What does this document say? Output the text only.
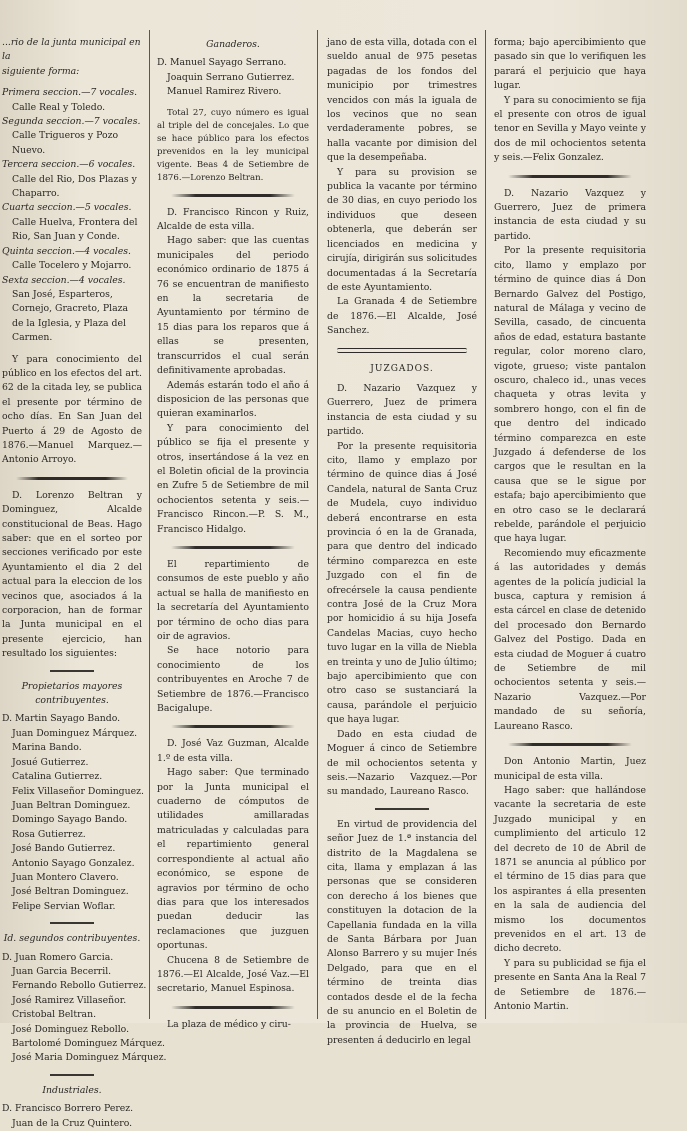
...rio de la junta municipal en la

siguiente forma:

Primera seccion.—7 vocales.

Calle Real y Toledo.

Segunda seccion.—7 vocales.

Calle Trigueros y Pozo Nuevo.

Tercera seccion.—6 vocales.

Calle del Rio, Dos Plazas y Chaparro.

Cuarta seccion.—5 vocales.

Calle Huelva, Frontera del Rio, San Juan y Conde.

Quinta seccion.—4 vocales.

Calle Tocelero y Mojarro.

Sexta seccion.—4 vocales.

San José, Esparteros, Cornejo, Gracreto, Plaza de la Iglesia, y Plaza del Carmen.

Y para conocimiento del público en los efectos del art. 62 de la citada ley, se publica el presente por término de ocho días. En San Juan del Puerto á 29 de Agosto de 1876.—Manuel Marquez.—Antonio Arroyo.

D. Lorenzo Beltran y Dominguez, Alcalde constitucional de Beas. Hago saber: que en el sorteo por secciones verificado por este Ayuntamiento el dia 2 del actual para la eleccion de los vecinos que, asociados á la corporacion, han de formar la Junta municipal en el presente ejercicio, han resultado los siguientes:

Propietarios mayores contribuyentes.

D. Martin Sayago Bando.

Juan Dominguez Márquez.

Marina Bando.

Josué Gutierrez.

Catalina Gutierrez.

Felix Villaseñor Dominguez.

Juan Beltran Dominguez.

Domingo Sayago Bando.

Rosa Gutierrez.

José Bando Gutierrez.

Antonio Sayago Gonzalez.

Juan Montero Clavero.

José Beltran Dominguez.

Felipe Servian Woflar.

Id. segundos contribuyentes.

D. Juan Romero Garcia.

Juan Garcia Becerril.

Fernando Rebollo Gutierrez.

José Ramirez Villaseñor.

Cristobal Beltran.

José Dominguez Rebollo.

Bartolomé Dominguez Márquez.

José Maria Dominguez Márquez.

Industriales.

D. Francisco Borrero Perez.

Juan de la Cruz Quintero.

Ganaderos.

D. Manuel Sayago Serrano.

Joaquin Serrano Gutierrez.

Manuel Ramirez Rivero.

Total 27, cuyo número es igual al triple del de concejales. Lo que se hace público para los efectos prevenidos en la ley municipal vigente. Beas 4 de Setiembre de 1876.—Lorenzo Beltran.

D. Francisco Rincon y Ruiz, Alcalde de esta villa.

Hago saber: que las cuentas municipales del periodo económico ordinario de 1875 á 76 se encuentran de manifiesto en la secretaria de Ayuntamiento por término de 15 dias para los reparos que á ellas se presenten, transcurridos el cual serán definitivamente aprobadas.

Además estarán todo el año á disposicion de las personas que quieran examinarlos.

Y para conocimiento del público se fija el presente y otros, insertándose á la vez en el Boletin oficial de la provincia en Zufre 5 de Setiembre de mil ochocientos setenta y seis.—Francisco Rincon.—P. S. M., Francisco Hidalgo.

El repartimiento de consumos de este pueblo y año actual se halla de manifiesto en la secretaría del Ayuntamiento por término de ocho dias para oir de agravios.

Se hace notorio para conocimiento de los contribuyentes en Aroche 7 de Setiembre de 1876.—Francisco Bacigalupe.

D. José Vaz Guzman, Alcalde 1.º de esta villa.

Hago saber: Que terminado por la Junta municipal el cuaderno de cómputos de utilidades amillaradas matriculadas y calculadas para el repartimiento general correspondiente al actual año económico, se espone de agravios por término de ocho dias para que los interesados puedan deducir las reclamaciones que juzguen oportunas.

Chucena 8 de Setiembre de 1876.—El Alcalde, José Vaz.—El secretario, Manuel Espinosa.

La plaza de médico y ciru-

jano de esta villa, dotada con el sueldo anual de 975 pesetas pagadas de los fondos del municipio por trimestres vencidos con más la iguala de los vecinos que no sean verdaderamente pobres, se halla vacante por dimision del que la desempeñaba.

Y para su provision se publica la vacante por término de 30 dias, en cuyo periodo los individuos que deseen obtenerla, que deberán ser licenciados en medicina y cirujía, dirigirán sus solicitudes documentadas á la Secretaría de este Ayuntamiento.

La Granada 4 de Setiembre de 1876.—El Alcalde, José Sanchez.

JUZGADOS.

D. Nazario Vazquez y Guerrero, Juez de primera instancia de esta ciudad y su partido.

Por la presente requisitoria cito, llamo y emplazo por término de quince dias á José Candela, natural de Santa Cruz de Mudela, cuyo individuo deberá encontrarse en esta provincia ó en la de Granada, para que dentro del indicado término comparezca en este Juzgado con el fin de ofrecérsele la causa pendiente contra José de la Cruz Mora por homicidio á su hija Josefa Candelas Macias, cuyo hecho tuvo lugar en la villa de Niebla en treinta y uno de Julio último; bajo apercibimiento que con otro caso se sustanciará la causa, parándole el perjuicio que haya lugar.

Dado en esta ciudad de Moguer á cinco de Setiembre de mil ochocientos setenta y seis.—Nazario Vazquez.—Por su mandado, Laureano Rasco.

En virtud de providencia del señor Juez de 1.ª instancia del distrito de la Magdalena se cita, llama y emplazan á las personas que se consideren con derecho á los bienes que constituyen la dotacion de la Capellania fundada en la villa de Santa Bárbara por Juan Alonso Barrero y su mujer Inés Delgado, para que en el término de treinta dias contados desde el de la fecha de su anuncio en el Boletin de la provincia de Huelva, se presenten á deducirlo en legal

forma; bajo apercibimiento que pasado sin que lo verifiquen les parará el perjuicio que haya lugar.

Y para su conocimiento se fija el presente con otros de igual tenor en Sevilla y Mayo veinte y dos de mil ochocientos setenta y seis.—Felix Gonzalez.

D. Nazario Vazquez y Guerrero, Juez de primera instancia de esta ciudad y su partido.

Por la presente requisitoria cito, llamo y emplazo por término de quince dias á Don Bernardo Galvez del Postigo, natural de Málaga y vecino de Sevilla, casado, de cincuenta años de edad, estatura bastante regular, color moreno claro, vigote, grueso; viste pantalon oscuro, chaleco id., unas veces chaqueta y otras levita y sombrero hongo, con el fin de que dentro del indicado término comparezca en este Juzgado á defenderse de los cargos que le resultan en la causa que se le sigue por estafa; bajo apercibimiento que en otro caso se le declarará rebelde, parándole el perjuicio que haya lugar.

Recomiendo muy eficazmente á las autoridades y demás agentes de la policía judicial la busca, captura y remision á esta cárcel en clase de detenido del procesado don Bernardo Galvez del Postigo. Dada en esta ciudad de Moguer á cuatro de Setiembre de mil ochocientos setenta y seis.—Nazario Vazquez.—Por mandado de su señoría, Laureano Rasco.

Don Antonio Martin, Juez municipal de esta villa.

Hago saber: que hallándose vacante la secretaria de este Juzgado municipal y en cumplimiento del articulo 12 del decreto de 10 de Abril de 1871 se anuncia al público por el término de 15 dias para que los aspirantes á ella presenten en la sala de audiencia del mismo los documentos prevenidos en el art. 13 de dicho decreto.

Y para su publicidad se fija el presente en Santa Ana la Real 7 de Setiembre de 1876.—Antonio Martin.
